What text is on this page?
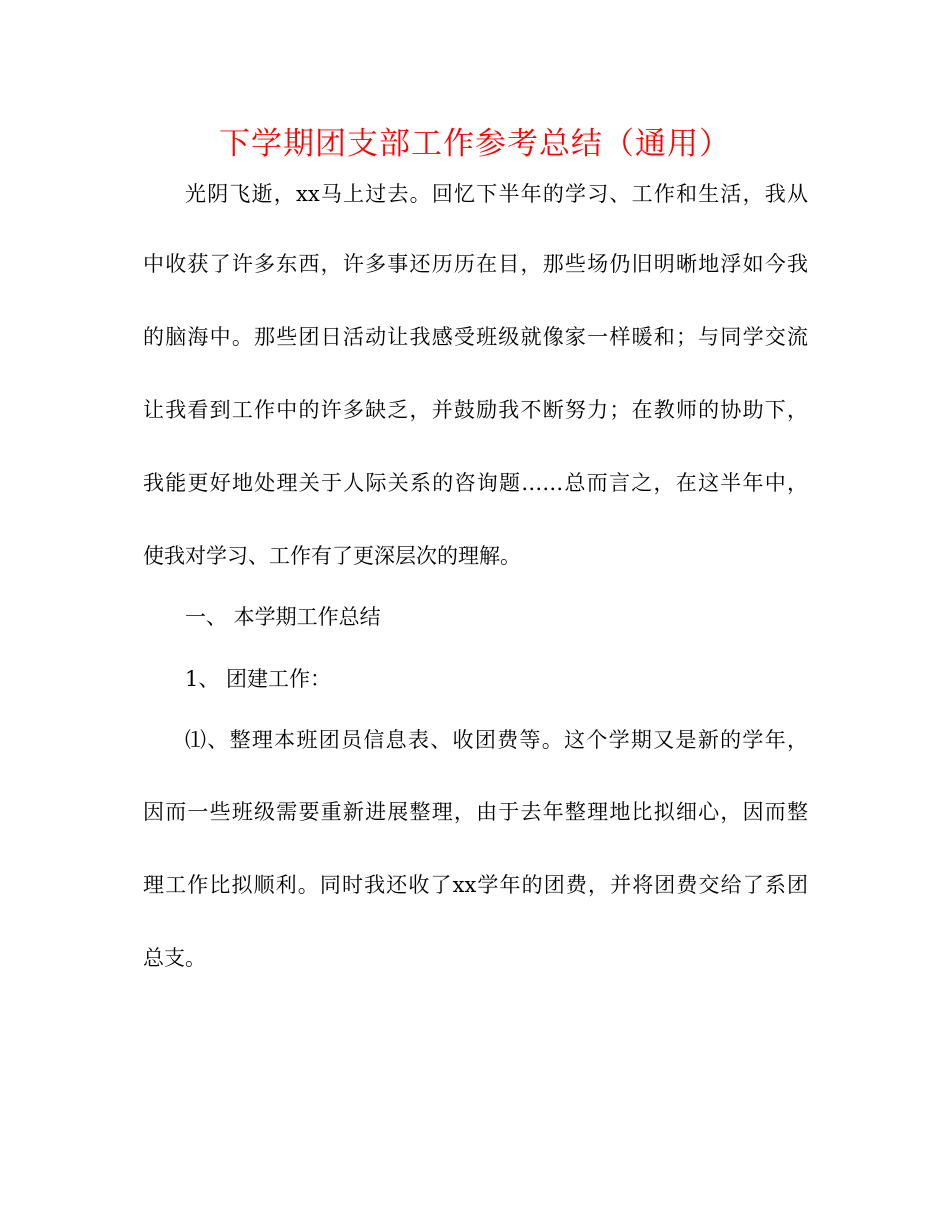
下学期团支部工作参考总结（通用）

光阴飞逝，xx马上过去。回忆下半年的学习、工作和生活，我从

中收获了许多东西，许多事还历历在目，那些场仍旧明晰地浮如今我

的脑海中。那些团日活动让我感受班级就像家一样暖和；与同学交流

让我看到工作中的许多缺乏，并鼓励我不断努力；在教师的协助下，

我能更好地处理关于人际关系的咨询题……总而言之，在这半年中，

使我对学习、工作有了更深层次的理解。

一、 本学期工作总结

1、 团建工作：

⑴、整理本班团员信息表、收团费等。这个学期又是新的学年，

因而一些班级需要重新进展整理，由于去年整理地比拟细心，因而整

理工作比拟顺利。同时我还收了xx学年的团费，并将团费交给了系团

总支。
